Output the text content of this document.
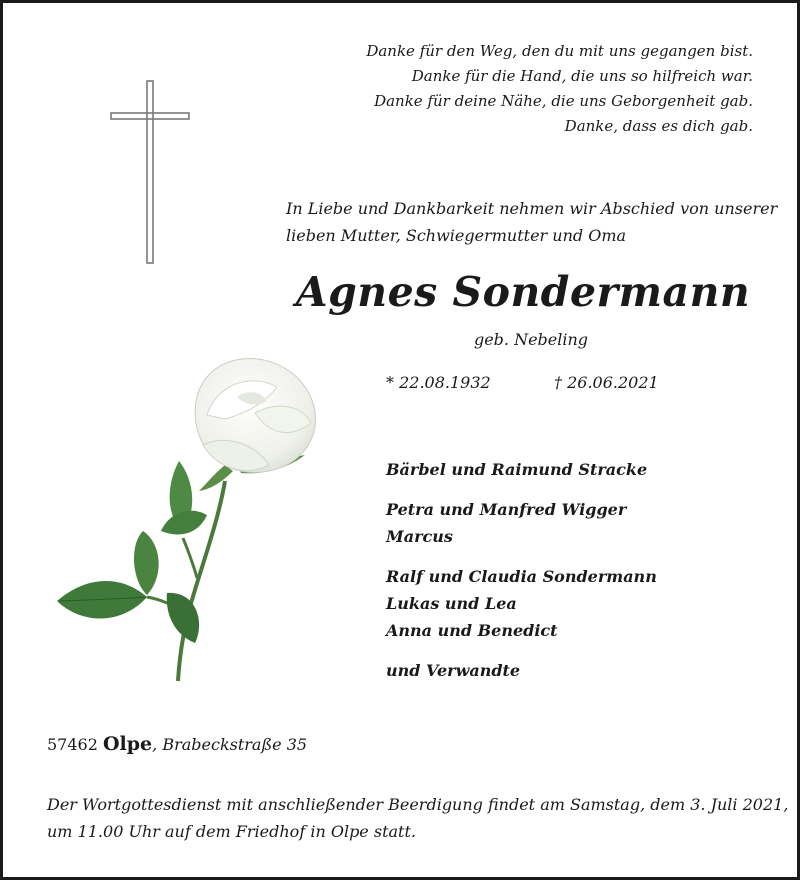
Danke für den Weg, den du mit uns gegangen bist.
Danke für die Hand, die uns so hilfreich war.
Danke für deine Nähe, die uns Geborgenheit gab.
Danke, dass es dich gab.
In Liebe und Dankbarkeit nehmen wir Abschied von unserer
lieben Mutter, Schwiegermutter und Oma
Agnes Sondermann
geb. Nebeling
* 22.08.1932	† 26.06.2021
Bärbel und Raimund Stracke
Petra und Manfred Wigger
Marcus
Ralf und Claudia Sondermann
Lukas und Lea
Anna und Benedict
und Verwandte
57462 Olpe, Brabeckstraße 35
Der Wortgottesdienst mit anschließender Beerdigung findet am Samstag, dem 3. Juli 2021,
um 11.00 Uhr auf dem Friedhof in Olpe statt.
